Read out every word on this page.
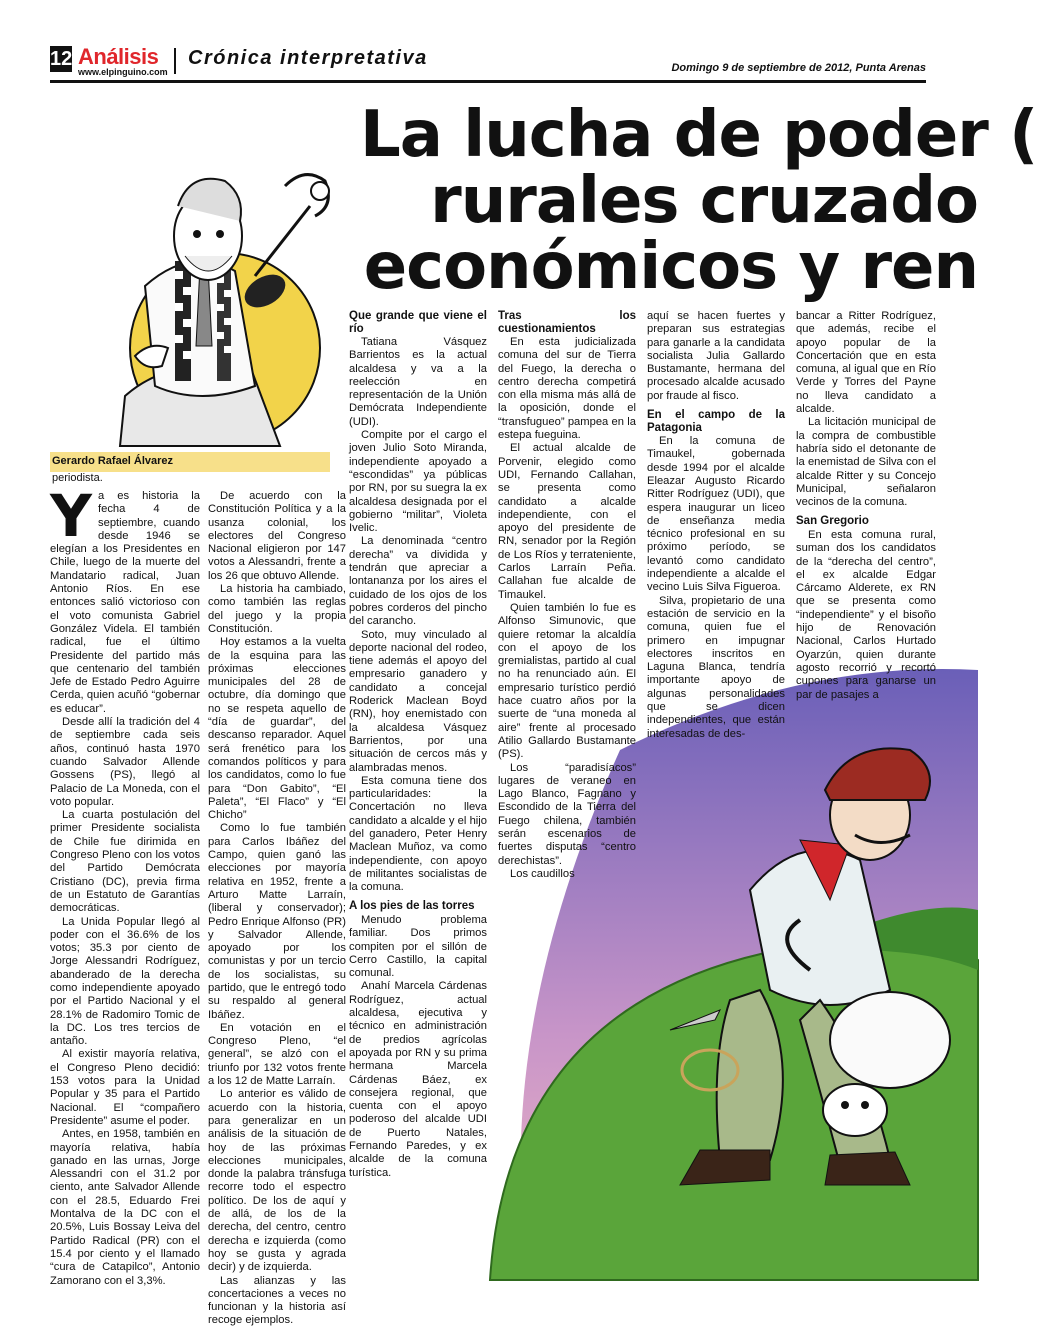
12 Análisis
www.elpinguino.com
Crónica interpretativa	Domingo 9 de septiembre de 2012, Punta Arenas
La lucha de poder (
rurales cruzado
económicos y ren
Gerardo Rafael Álvarez
periodista.
Y a es historia la fecha 4 de septiembre, cuando desde 1946 se elegían a los Presidentes en Chile, luego de la muerte del Mandatario radical, Juan Antonio Ríos. En ese entonces salió victorioso con el voto comunista Gabriel González Videla. El también radical, fue el último Presidente del partido más que centenario del también Jefe de Estado Pedro Aguirre Cerda, quien acuñó “gobernar es educar”.

Desde allí la tradición del 4 de septiembre cada seis años, continuó hasta 1970 cuando Salvador Allende Gossens (PS), llegó al Palacio de La Moneda, con el voto popular.

La cuarta postulación del primer Presidente socialista de Chile fue dirimida en Congreso Pleno con los votos del Partido Demócrata Cristiano (DC), previa firma de un Estatuto de Garantías democráticas.

La Unida Popular llegó al poder con el 36.6% de los votos; 35.3 por ciento de Jorge Alessandri Rodríguez, abanderado de la derecha como independiente apoyado por el Partido Nacional y el 28.1% de Radomiro Tomic de la DC. Los tres tercios de antaño.

Al existir mayoría relativa, el Congreso Pleno decidió: 153 votos para la Unidad Popular y 35 para el Partido Nacional. El “compañero Presidente” asume el poder.

Antes, en 1958, también en mayoría relativa, había ganado en las urnas, Jorge Alessandri con el 31.2 por ciento, ante Salvador Allende con el 28.5, Eduardo Frei Montalva de la DC con el 20.5%, Luis Bossay Leiva del Partido Radical (PR) con el 15.4 por ciento y el llamado “cura de Catapilco”, Antonio Zamorano con el 3,3%.

De acuerdo con la Constitución Política y a la usanza colonial, los electores del Congreso Nacional eligieron por 147 votos a Alessandri, frente a los 26 que obtuvo Allende.

La historia ha cambiado, como también las reglas del juego y la propia Constitución.

Hoy estamos a la vuelta de la esquina para las próximas elecciones municipales del 28 de octubre, día domingo que no se respeta aquello de “día de guardar”, del descanso reparador. Aquel será frenético para los comandos políticos y para los candidatos, como lo fue para “Don Gabito”, “El Paleta”, “El Flaco” y “El Chicho”

Como lo fue también para Carlos Ibáñez del Campo, quien ganó las elecciones por mayoría relativa en 1952, frente a Arturo Matte Larraín, (liberal y conservador); Pedro Enrique Alfonso (PR) y Salvador Allende, apoyado por los comunistas y por un tercio de los socialistas, su partido, que le entregó todo su respaldo al general Ibáñez.

En votación en el Congreso Pleno, “el general”, se alzó con el triunfo por 132 votos frente a los 12 de Matte Larraín.

Lo anterior es válido de acuerdo con la historia, para generalizar en un análisis de la situación de hoy de las próximas elecciones municipales, donde la palabra tránsfuga recorre todo el espectro político. De los de aquí y de allá, de los de la derecha, del centro, centro derecha e izquierda (como hoy se gusta y agrada decir) y de izquierda.

Las alianzas y las concertaciones a veces no funcionan y la historia así recoge ejemplos.

Que grande que viene el río

Tatiana Vásquez Barrientos es la actual alcaldesa y va a la reelección en representación de la Unión Demócrata Independiente (UDI).

Compite por el cargo el joven Julio Soto Miranda, independiente apoyado a “escondidas” ya públicas por RN, por su suegra la ex alcaldesa designada por el gobierno “militar”, Violeta Ivelic.

La denominada “centro derecha” va dividida y tendrán que apreciar a lontananza por los aires el cuidado de los ojos de los pobres corderos del pincho del carancho.

Soto, muy vinculado al deporte nacional del rodeo, tiene además el apoyo del empresario ganadero y candidato a concejal Roderick Maclean Boyd (RN), hoy enemistado con la alcaldesa Vásquez Barrientos, por una situación de cercos más y alambradas menos.

Esta comuna tiene dos particularidades: la Concertación no lleva candidato a alcalde y el hijo del ganadero, Peter Henry Maclean Muñoz, va como independiente, con apoyo de militantes socialistas de la comuna.

A los pies de las torres

Menudo problema familiar. Dos primos compiten por el sillón de Cerro Castillo, la capital comunal.

Anahí Marcela Cárdenas Rodríguez, actual alcaldesa, ejecutiva y técnico en administración de predios agrícolas apoyada por RN y su prima hermana Marcela Cárdenas Báez, ex consejera regional, que cuenta con el apoyo poderoso del alcalde UDI de Puerto Natales, Fernando Paredes, y ex alcalde de la comuna turística.

Tras los cuestionamientos

En esta judicializada comuna del sur de Tierra del Fuego, la derecha o centro derecha competirá con ella misma más allá de la oposición, donde el “transfugueo” pampea en la estepa fueguina.

El actual alcalde de Porvenir, elegido como UDI, Fernando Callahan, se presenta como candidato a alcalde independiente, con el apoyo del presidente de RN, senador por la Región de Los Ríos y terrateniente, Carlos Larraín Peña. Callahan fue alcalde de Timaukel.

Quien también lo fue es Alfonso Simunovic, que quiere retomar la alcaldía con el apoyo de los gremialistas, partido al cual no ha renunciado aún. El empresario turístico perdió hace cuatro años por la suerte de “una moneda al aire” frente al procesado Atilio Gallardo Bustamante (PS).

Los “paradisíacos” lugares de veraneo en Lago Blanco, Fagnano y Escondido de la Tierra del Fuego chilena, también serán escenarios de fuertes disputas “centro derechistas”.

Los caudillos

aquí se hacen fuertes y preparan sus estrategias para ganarle a la candidata socialista Julia Gallardo Bustamante, hermana del procesado alcalde acusado por fraude al fisco.

En el campo de la Patagonia

En la comuna de Timaukel, gobernada desde 1994 por el alcalde Eleazar Augusto Ricardo Ritter Rodríguez (UDI), que espera inaugurar un liceo de enseñanza media técnico profesional en su próximo período, se levantó como candidato independiente a alcalde el vecino Luis Silva Figueroa.

Silva, propietario de una estación de servicio en la comuna, quien fue el primero en impugnar electores inscritos en Laguna Blanca, tendría importante apoyo de algunas personalidades que se dicen independientes, que están interesadas de des-

bancar a Ritter Rodríguez, que además, recibe el apoyo popular de la Concertación que en esta comuna, al igual que en Río Verde y Torres del Payne no lleva candidato a alcalde.

La licitación municipal de la compra de combustible habría sido el detonante de la enemistad de Silva con el alcalde Ritter y su Concejo Municipal, señalaron vecinos de la comuna.

San Gregorio

En esta comuna rural, suman dos los candidatos de la “derecha del centro”, el ex alcalde Edgar Cárcamo Alderete, ex RN que se presenta como “independiente” y el bisoño hijo de Renovación Nacional, Carlos Hurtado Oyarzún, quien durante agosto recorrió y recortó cupones para ganarse un par de pasajes a
